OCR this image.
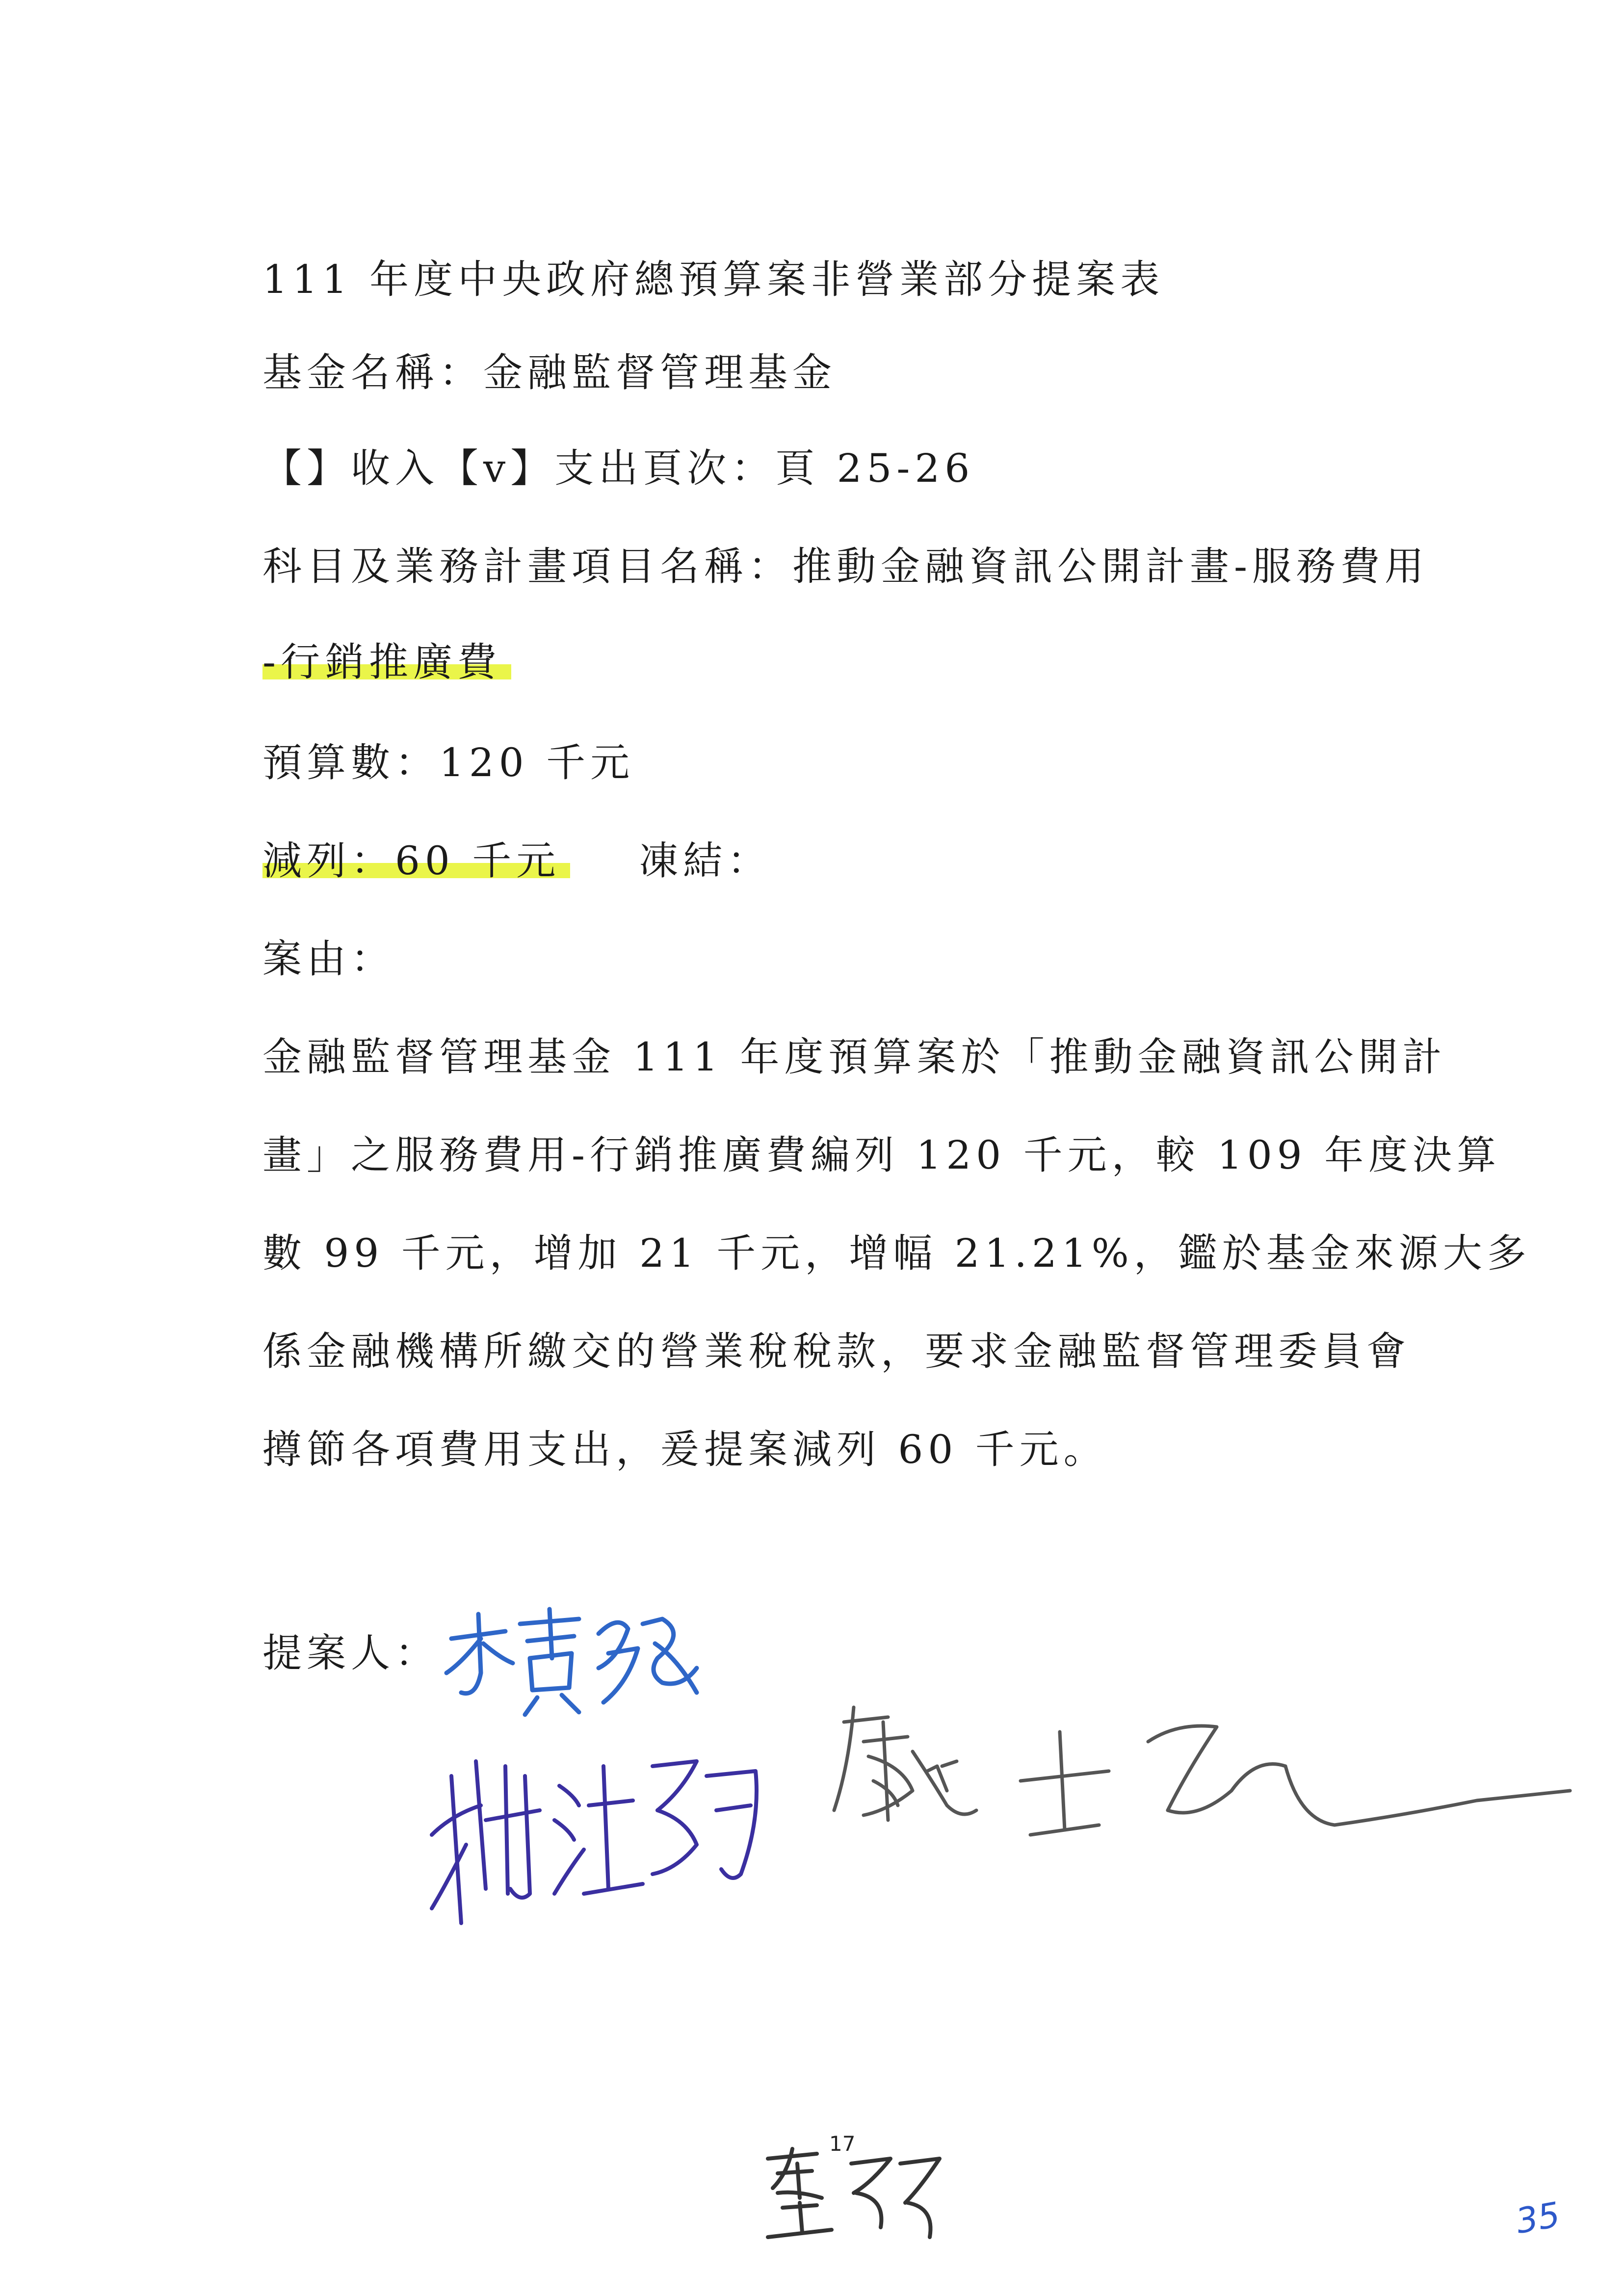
111 年度中央政府總預算案非營業部分提案表
基金名稱：金融監督管理基金
【】收入【v】支出頁次：頁 25-26
科目及業務計畫項目名稱：推動金融資訊公開計畫-服務費用
-行銷推廣費
預算數：120 千元
減列：60 千元 凍結：
案由：

金融監督管理基金 111 年度預算案於「推動金融資訊公開計

畫」之服務費用-行銷推廣費編列 120 千元，較 109 年度決算

數 99 千元，增加 21 千元，增幅 21.21%，鑑於基金來源大多

係金融機構所繳交的營業稅稅款，要求金融監督管理委員會

撙節各項費用支出，爰提案減列 60 千元。

提案人：
17
35
